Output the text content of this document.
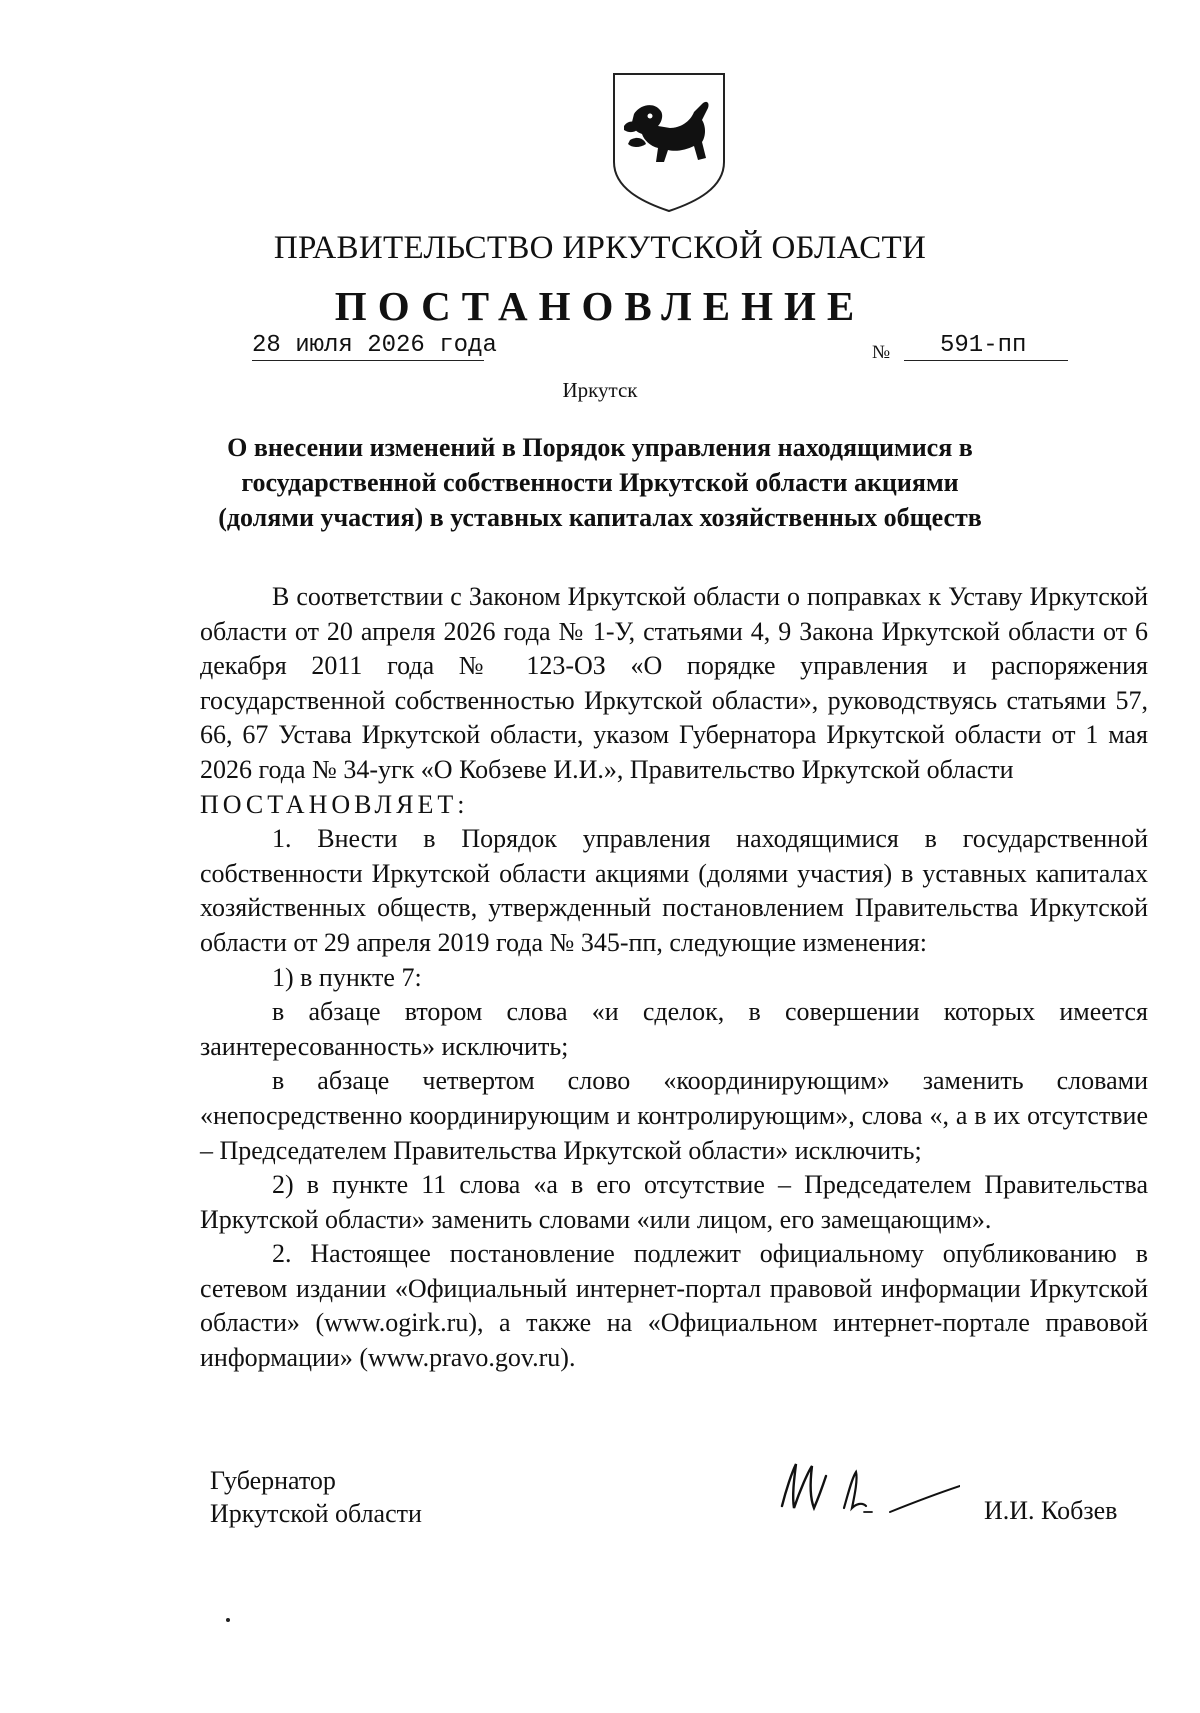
ПРАВИТЕЛЬСТВО ИРКУТСКОЙ ОБЛАСТИ
ПОСТАНОВЛЕНИЕ
28 июля 2026 года	№	591-пп
Иркутск
О внесении изменений в Порядок управления находящимися в
государственной собственности Иркутской области акциями
(долями участия) в уставных капиталах хозяйственных обществ

В соответствии с Законом Иркутской области о поправках к Уставу Иркутской области от 20 апреля 2026 года № 1-У, статьями 4, 9 Закона Иркутской области от 6 декабря 2011 года № 123-ОЗ «О порядке управления и распоряжения государственной собственностью Иркутской области», руководствуясь статьями 57, 66, 67 Устава Иркутской области, указом Губернатора Иркутской области от 1 мая 2026 года № 34-угк «О Кобзеве И.И.», Правительство Иркутской области

ПОСТАНОВЛЯЕТ:

1. Внести в Порядок управления находящимися в государственной собственности Иркутской области акциями (долями участия) в уставных капиталах хозяйственных обществ, утвержденный постановлением Правительства Иркутской области от 29 апреля 2019 года № 345-пп, следующие изменения:

1) в пункте 7:

в абзаце втором слова «и сделок, в совершении которых имеется заинтересованность» исключить;

в абзаце четвертом слово «координирующим» заменить словами «непосредственно координирующим и контролирующим», слова «, а в их отсутствие – Председателем Правительства Иркутской области» исключить;

2) в пункте 11 слова «а в его отсутствие – Председателем Правительства Иркутской области» заменить словами «или лицом, его замещающим».

2. Настоящее постановление подлежит официальному опубликованию в сетевом издании «Официальный интернет-портал правовой информации Иркутской области» (www.ogirk.ru), а также на «Официальном интернет-портале правовой информации» (www.pravo.gov.ru).

Губернатор
Иркутской области	И.И. Кобзев
